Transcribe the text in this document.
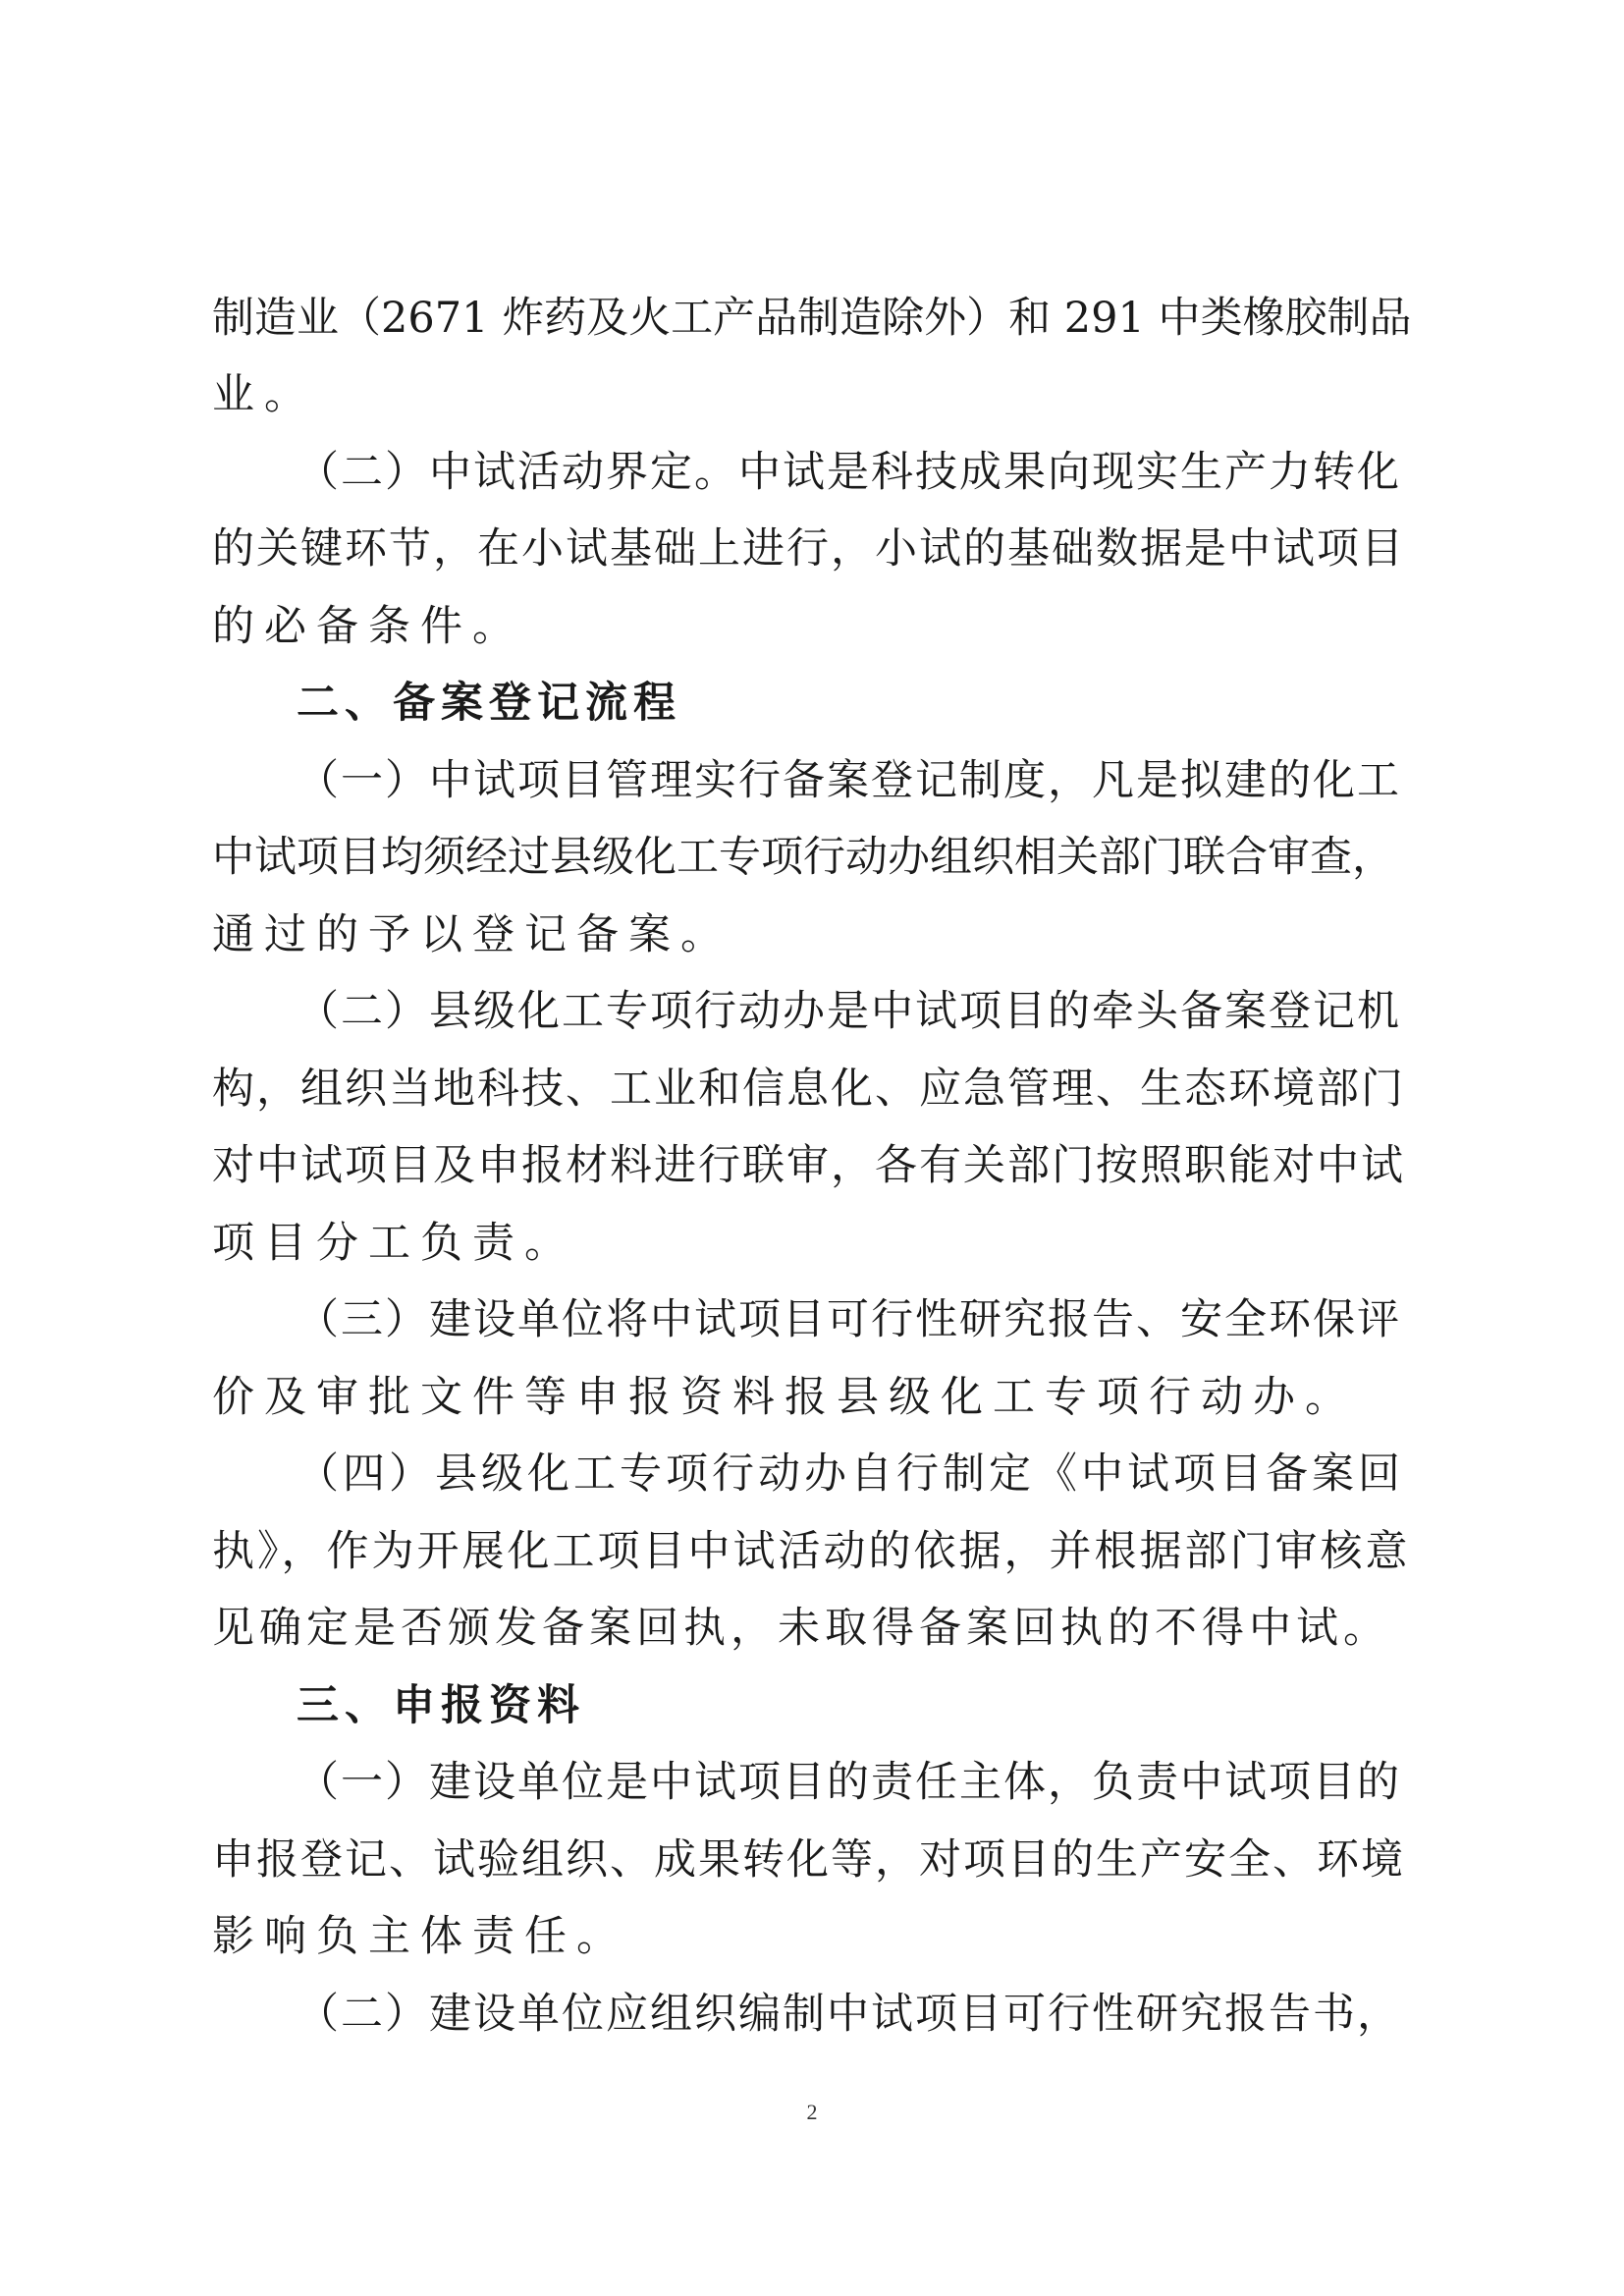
制造业（2671 炸药及火工产品制造除外）和 291 中类橡胶制品

业。

（二）中试活动界定。中试是科技成果向现实生产力转化

的关键环节，在小试基础上进行，小试的基础数据是中试项目

的必备条件。

二、备案登记流程

（一）中试项目管理实行备案登记制度，凡是拟建的化工

中试项目均须经过县级化工专项行动办组织相关部门联合审查，

通过的予以登记备案。

（二）县级化工专项行动办是中试项目的牵头备案登记机

构，组织当地科技、工业和信息化、应急管理、生态环境部门

对中试项目及申报材料进行联审，各有关部门按照职能对中试

项目分工负责。

（三）建设单位将中试项目可行性研究报告、安全环保评

价及审批文件等申报资料报县级化工专项行动办。

（四）县级化工专项行动办自行制定《中试项目备案回

执》，作为开展化工项目中试活动的依据，并根据部门审核意

见确定是否颁发备案回执，未取得备案回执的不得中试。

三、申报资料

（一）建设单位是中试项目的责任主体，负责中试项目的

申报登记、试验组织、成果转化等，对项目的生产安全、环境

影响负主体责任。

（二）建设单位应组织编制中试项目可行性研究报告书，

2
